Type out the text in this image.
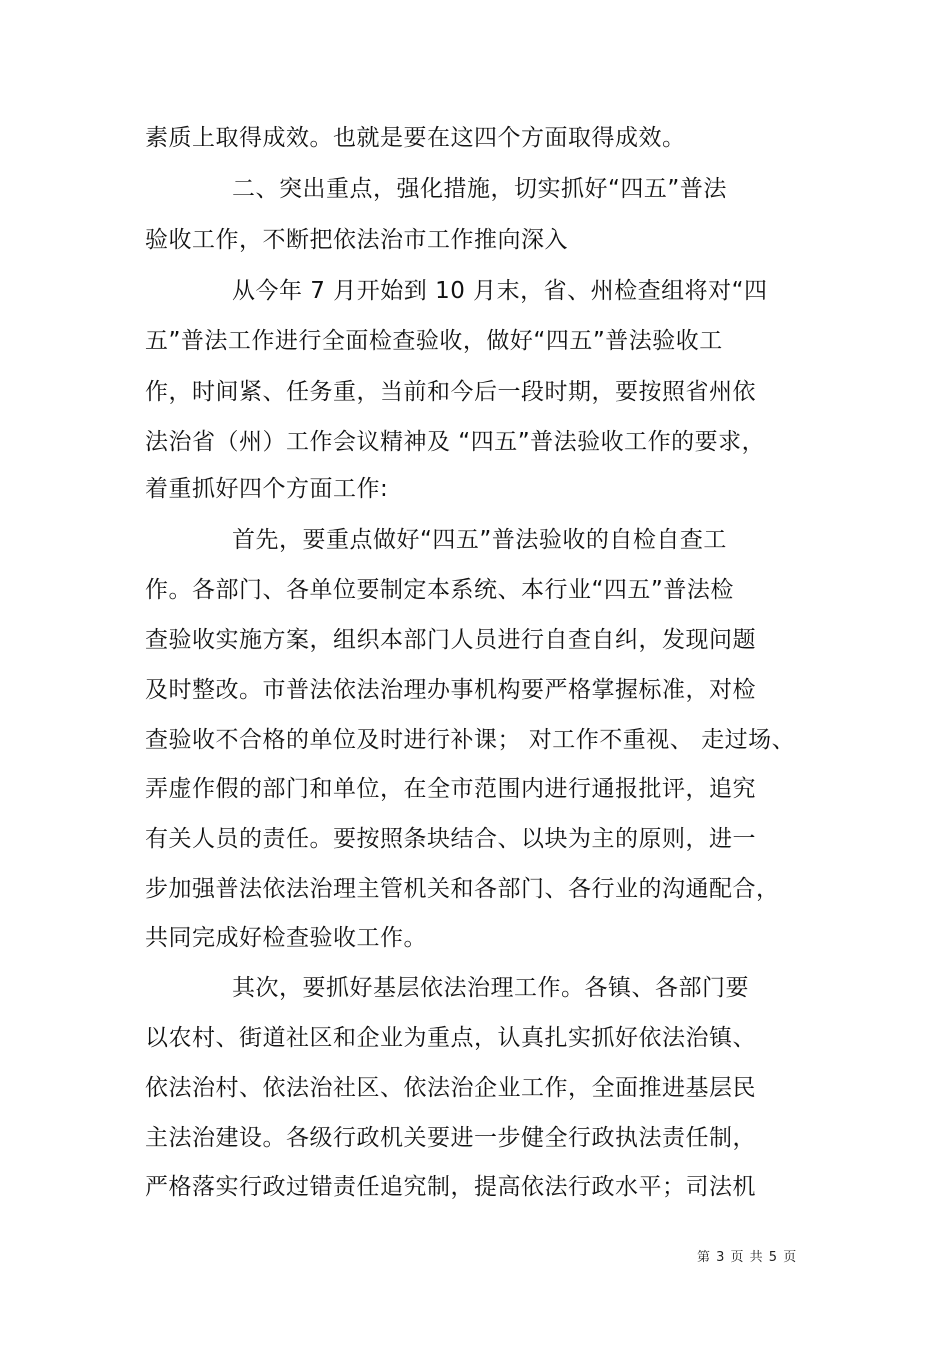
素质上取得成效。也就是要在这四个方面取得成效。
二、突出重点，强化措施，切实抓好“四五”普法
验收工作，不断把依法治市工作推向深入
从今年 7 月开始到 10 月末，省、州检查组将对“四
五”普法工作进行全面检查验收，做好“四五”普法验收工
作，时间紧、任务重，当前和今后一段时期，要按照省州依
法治省（州）工作会议精神及 “四五”普法验收工作的要求，
着重抓好四个方面工作:
首先，要重点做好“四五”普法验收的自检自查工
作。各部门、各单位要制定本系统、本行业“四五”普法检
查验收实施方案，组织本部门人员进行自查自纠，发现问题
及时整改。市普法依法治理办事机构要严格掌握标准，对检
查验收不合格的单位及时进行补课； 对工作不重视、 走过场、
弄虚作假的部门和单位，在全市范围内进行通报批评，追究
有关人员的责任。要按照条块结合、以块为主的原则，进一
步加强普法依法治理主管机关和各部门、各行业的沟通配合，
共同完成好检查验收工作。
其次，要抓好基层依法治理工作。各镇、各部门要
以农村、街道社区和企业为重点，认真扎实抓好依法治镇、
依法治村、依法治社区、依法治企业工作，全面推进基层民
主法治建设。各级行政机关要进一步健全行政执法责任制，
严格落实行政过错责任追究制，提高依法行政水平；司法机
第 3 页 共 5 页
